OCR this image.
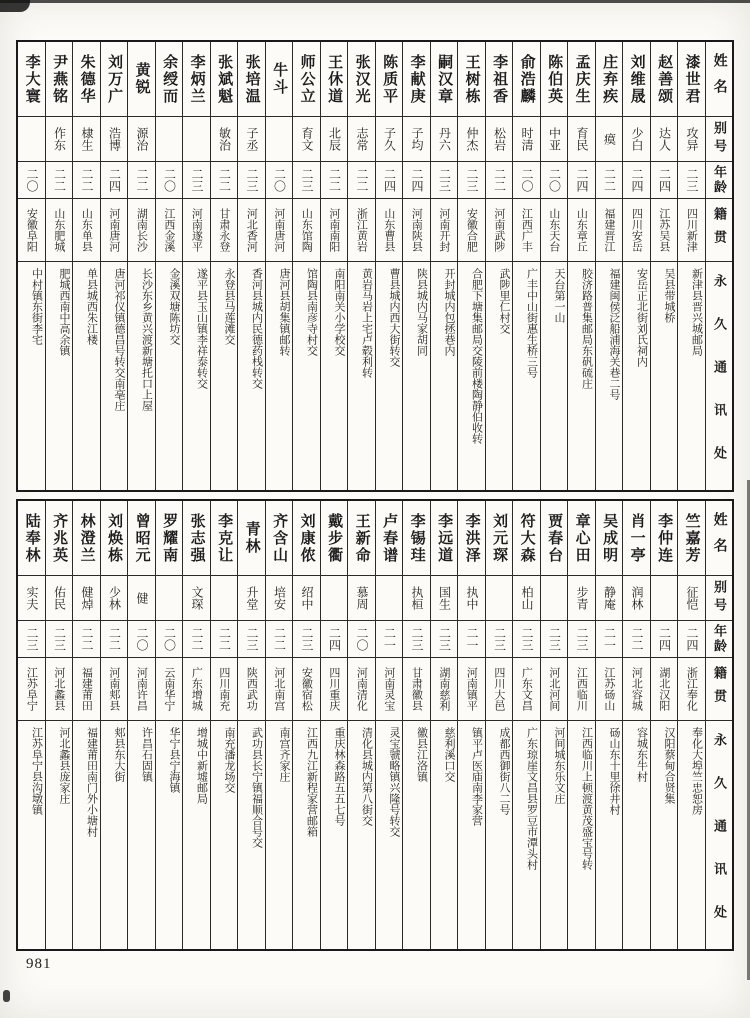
姓名
别号
年龄
籍贯
永久通讯处
漆世君
攻异
二三
四川新津
新津县晋兴城邮局
赵善颂
达人
二四
江苏吴县
吴县带城桥
刘维晟
少白
二四
四川安岳
安岳正北街刘氏祠内
庄弃疾
瘼
二二
福建晋江
福建闽侯泛船浦海关巷二号
孟庆生
育民
二四
山东章丘
胶济路普集邮局东矾硫庄
陈伯英
中亚
二〇
山东天台
天台第一山
俞浩麟
时清
二〇
江西广丰
广丰中山街惠生桥三号
李祖香
松岩
二二
河南武陟
武陟里仁村交
王树栋
仲杰
二三
安徽合肥
合肥下塘集邮局交陵前楼陶静伯收转
嗣汉章
丹六
二三
河南开封
开封城内包拯巷内
李献庚
子均
二四
河南陕县
陕县城内马家胡同
陈质平
子久
二四
山东曹县
曹县城内西大街转交
张汉光
志常
二二
浙江黄岩
黄岩马岩上宅卢毂利转
王休道
北辰
二二
河南南阳
南阳南关小学校交
师公立
育文
二三
山东馆陶
馆陶县南彦寺村交
牛斗
二〇
河南唐河
唐河县胡集镇邮转
张培温
子丞
二三
河北香河
香河县城内民德药栈转交
张斌魁
敏治
二二
甘肃永登
永登县马莲滩交
李炳兰
二三
河南遂平
遂平县玉山镇李祥泰转交
余绶而
二〇
江西金溪
金溪双塘陈坊交
黄锐
源治
二二
湖南长沙
长沙东乡黄兴渡新塘托口上屋
刘万广
浩博
二四
河南唐河
唐河祁仪镇德昌号转交南亳庄
朱德华
棣生
二二
山东单县
单县城西朱江楼
尹燕铭
作东
二二
山东肥城
肥城西南中高余镇
李大寰
二〇
安徽阜阳
中村镇东街李宅
姓名
别号
年龄
籍贯
永久通讯处
竺嘉芳
征恺
二四
浙江奉化
奉化大埠竺忠恕房
李仲连
二四
湖北汉阳
汉阳蔡甸合贤集
肖一亭
润林
二二
河北容城
容城东牛村
吴成明
静庵
二一
江苏砀山
砀山东十里徐井村
章心田
步青
二三
江西临川
江西临川上顿渡黄茂盛宝号转
贾春台
二三
河北河间
河间城东乐文庄
符大森
柏山
二三
广东文昌
广东琼崖文昌县罗豆市潭头村
刘元琛
二三
四川大邑
成都西御街八二号
李洪泽
执中
二一
河南镇平
镇平卢医庙南李家营
李远道
国生
二三
湖南慈利
慈利溪口交
李锡珪
执桓
二三
甘肃徽县
徽县江洛镇
卢春谱
二一
河南灵宝
灵宝虢略镇兴隆号转交
王新命
慕周
二〇
河南清化
清化县城内第八街交
戴步衢
二四
四川重庆
重庆林森路五五七号
刘康侬
绍中
二三
安徽宿松
江西九江新程家营邮箱
齐含山
培安
二二
河北南宫
南宫齐家庄
青林
升堂
二三
陕西武功
武功县长宁镇福顺合号交
李克让
二二
四川南充
南充潘龙场交
张志强
文琛
二二
广东增城
增城中新墟邮局
罗耀南
二〇
云南华宁
华宁县宁海镇
曾昭元
健
二〇
河南许昌
许昌石固镇
刘焕栋
少林
二二
河南郏县
郏县东大街
林澄兰
健焯
二二
福建莆田
福建莆田南门外小塘村
齐兆英
佑民
二三
河北蠡县
河北蠡县庞家庄
陆奉林
实夫
二三
江苏阜宁
江苏阜宁县沟墩镇
981
